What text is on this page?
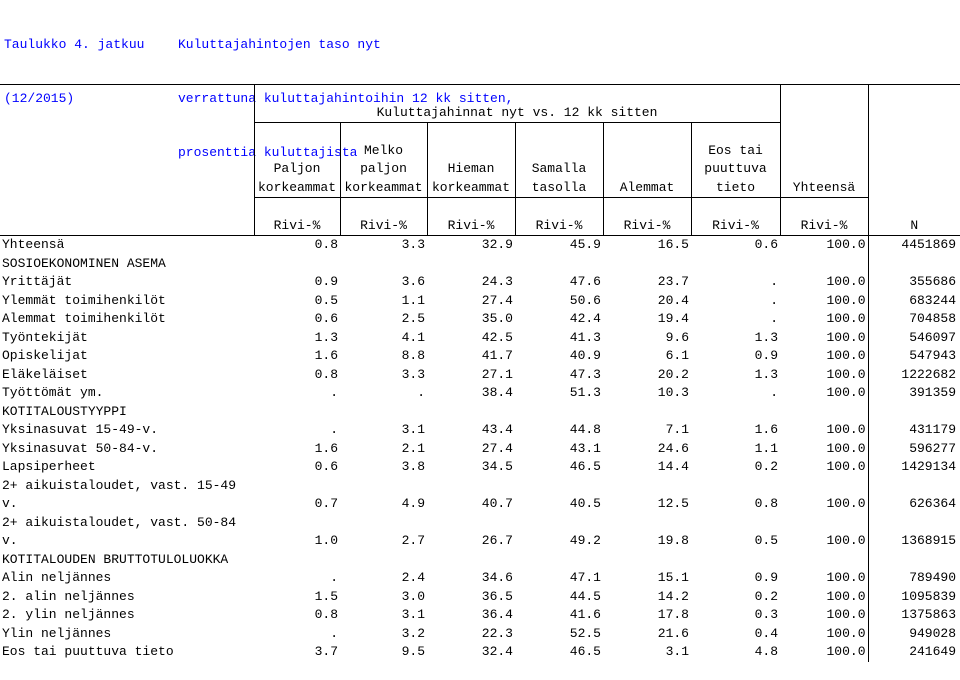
Taulukko 4. jatkuu

(12/2015)

Kuluttajahintojen taso nyt

verrattuna kuluttajahintoihin 12 kk sitten,

prosenttia kuluttajista

	Kuluttajahinnat nyt vs. 12 kk sitten							

		Melko				Eos tai		
	Paljon	paljon	Hieman	Samalla		puuttuva		
	korkeammat	korkeammat	korkeammat	tasolla	Alemmat	tieto	Yhteensä	

	Rivi-%	Rivi-%	Rivi-%	Rivi-%	Rivi-%	Rivi-%	Rivi-%	N
Yhteensä	0.8	3.3	32.9	45.9	16.5	0.6	100.0	4451869
SOSIOEKONOMINEN ASEMA								
Yrittäjät	0.9	3.6	24.3	47.6	23.7	.	100.0	355686
Ylemmät toimihenkilöt	0.5	1.1	27.4	50.6	20.4	.	100.0	683244
Alemmat toimihenkilöt	0.6	2.5	35.0	42.4	19.4	.	100.0	704858
Työntekijät	1.3	4.1	42.5	41.3	9.6	1.3	100.0	546097
Opiskelijat	1.6	8.8	41.7	40.9	6.1	0.9	100.0	547943
Eläkeläiset	0.8	3.3	27.1	47.3	20.2	1.3	100.0	1222682
Työttömät ym.	.	.	38.4	51.3	10.3	.	100.0	391359
KOTITALOUSTYYPPI								
Yksinasuvat 15-49-v.	.	3.1	43.4	44.8	7.1	1.6	100.0	431179
Yksinasuvat 50-84-v.	1.6	2.1	27.4	43.1	24.6	1.1	100.0	596277
Lapsiperheet	0.6	3.8	34.5	46.5	14.4	0.2	100.0	1429134
2+ aikuistaloudet, vast. 15-49								
v.	0.7	4.9	40.7	40.5	12.5	0.8	100.0	626364
2+ aikuistaloudet, vast. 50-84								
v.	1.0	2.7	26.7	49.2	19.8	0.5	100.0	1368915
KOTITALOUDEN BRUTTOTULOLUOKKA								
Alin neljännes	.	2.4	34.6	47.1	15.1	0.9	100.0	789490
2. alin neljännes	1.5	3.0	36.5	44.5	14.2	0.2	100.0	1095839
2. ylin neljännes	0.8	3.1	36.4	41.6	17.8	0.3	100.0	1375863
Ylin neljännes	.	3.2	22.3	52.5	21.6	0.4	100.0	949028
Eos tai puuttuva tieto	3.7	9.5	32.4	46.5	3.1	4.8	100.0	241649
